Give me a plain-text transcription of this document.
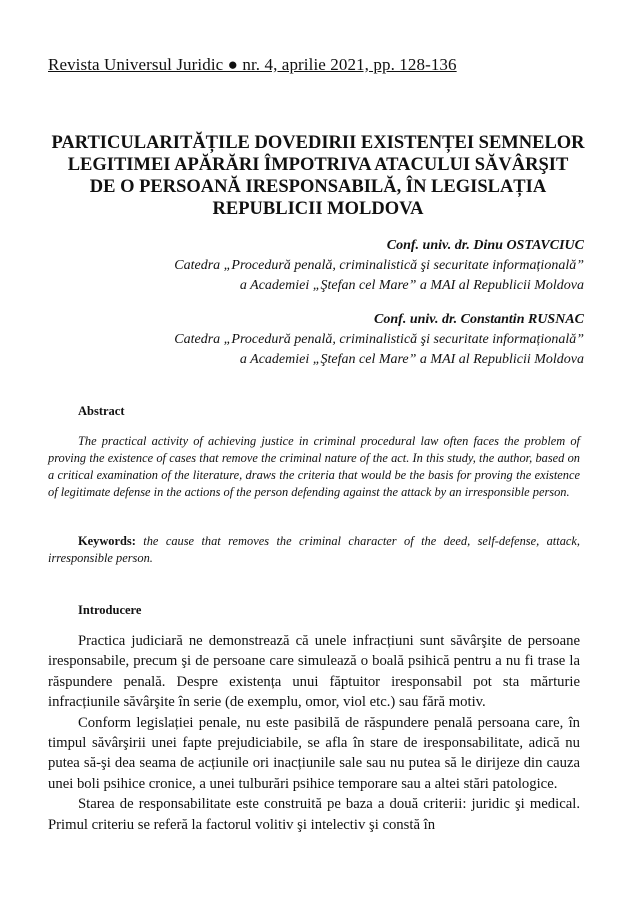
Revista Universul Juridic ● nr. 4, aprilie 2021, pp. 128-136
PARTICULARITĂȚILE DOVEDIRII EXISTENȚEI SEMNELOR
LEGITIMEI APĂRĂRI ÎMPOTRIVA ATACULUI SĂVÂRŞIT
DE O PERSOANĂ IRESPONSABILĂ, ÎN LEGISLAȚIA
REPUBLICII MOLDOVA
Conf. univ. dr. Dinu OSTAVCIUC
Catedra „Procedură penală, criminalistică şi securitate informațională”
a Academiei „Ştefan cel Mare” a MAI al Republicii Moldova
Conf. univ. dr. Constantin RUSNAC
Catedra „Procedură penală, criminalistică şi securitate informațională”
a Academiei „Ştefan cel Mare” a MAI al Republicii Moldova
Abstract
The practical activity of achieving justice in criminal procedural law often faces the problem of proving the existence of cases that remove the criminal nature of the act. In this study, the author, based on a critical examination of the literature, draws the criteria that would be the basis for proving the existence of legitimate defense in the actions of the person defending against the attack by an irresponsible person.
Keywords: the cause that removes the criminal character of the deed, self-defense, attack, irresponsible person.
Introducere

Practica judiciară ne demonstrează că unele infracțiuni sunt săvârşite de persoane iresponsabile, precum şi de persoane care simulează o boală psihică pentru a nu fi trase la răspundere penală. Despre existența unui făptuitor iresponsabil pot sta mărturie infracțiunile săvârşite în serie (de exemplu, omor, viol etc.) sau fără motiv.

Conform legislației penale, nu este pasibilă de răspundere penală persoana care, în timpul săvârşirii unei fapte prejudiciabile, se afla în stare de iresponsabilitate, adică nu putea să-şi dea seama de acțiunile ori inacțiunile sale sau nu putea să le dirijeze din cauza unei boli psihice cronice, a unei tulburări psihice temporare sau a altei stări patologice.

Starea de responsabilitate este construită pe baza a două criterii: juridic şi medical. Primul criteriu se referă la factorul volitiv şi intelectiv şi constă în
